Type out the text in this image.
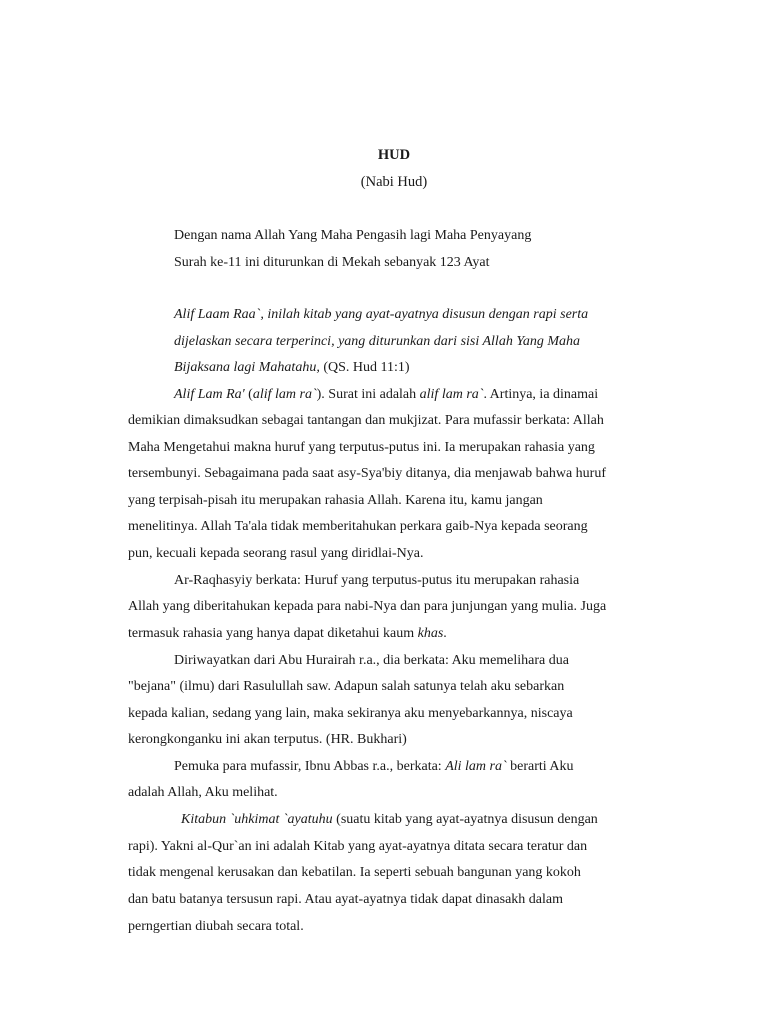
HUD
(Nabi Hud)
Dengan nama Allah Yang Maha Pengasih lagi Maha Penyayang
Surah ke-11 ini diturunkan di Mekah sebanyak 123 Ayat
Alif Laam Raa`, inilah kitab yang ayat-ayatnya disusun dengan rapi serta
dijelaskan secara terperinci, yang diturunkan dari sisi Allah Yang Maha
Bijaksana lagi Mahatahu, (QS. Hud 11:1)
Alif Lam Ra' (alif lam ra`). Surat ini adalah alif lam ra`. Artinya, ia dinamai
demikian dimaksudkan sebagai tantangan dan mukjizat. Para mufassir berkata: Allah
Maha Mengetahui makna huruf yang terputus-putus ini. Ia merupakan rahasia yang
tersembunyi. Sebagaimana pada saat asy-Sya'biy ditanya, dia menjawab bahwa huruf
yang terpisah-pisah itu merupakan rahasia Allah. Karena itu, kamu jangan
menelitinya. Allah Ta'ala tidak memberitahukan perkara gaib-Nya kepada seorang
pun, kecuali kepada seorang rasul yang diridlai-Nya.
Ar-Raqhasyiy berkata: Huruf yang terputus-putus itu merupakan rahasia
Allah yang diberitahukan kepada para nabi-Nya dan para junjungan yang mulia. Juga
termasuk rahasia yang hanya dapat diketahui kaum khas.
Diriwayatkan dari Abu Hurairah r.a., dia berkata: Aku memelihara dua
"bejana" (ilmu) dari Rasulullah saw. Adapun salah satunya telah aku sebarkan
kepada kalian, sedang yang lain, maka sekiranya aku menyebarkannya, niscaya
kerongkonganku ini akan terputus. (HR. Bukhari)
Pemuka para mufassir, Ibnu Abbas r.a., berkata: Ali lam ra` berarti Aku
adalah Allah, Aku melihat.
Kitabun `uhkimat `ayatuhu (suatu kitab yang ayat-ayatnya disusun dengan
rapi). Yakni al-Qur`an ini adalah Kitab yang ayat-ayatnya ditata secara teratur dan
tidak mengenal kerusakan dan kebatilan. Ia seperti sebuah bangunan yang kokoh
dan batu batanya tersusun rapi. Atau ayat-ayatnya tidak dapat dinasakh dalam
perngertian diubah secara total.
